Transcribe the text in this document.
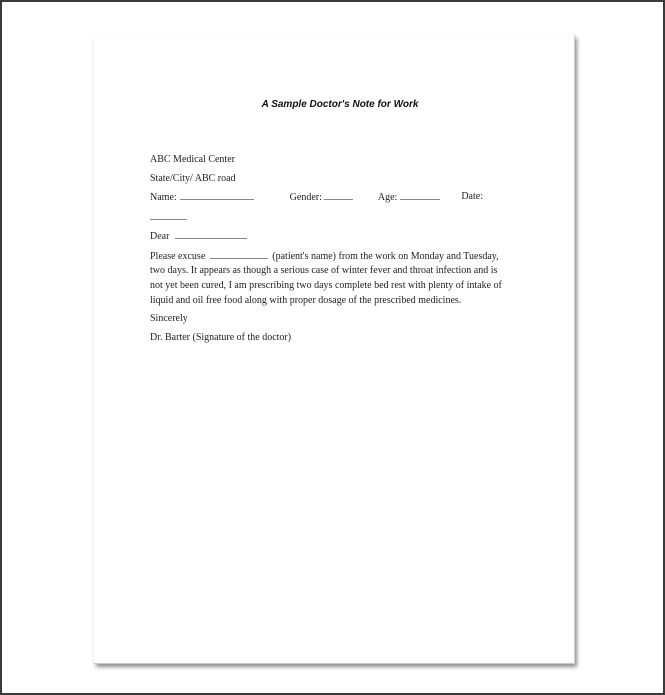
A Sample Doctor's Note for Work
ABC Medical Center
State/City/ ABC road
Name:	Gender:	Age:	Date:
Dear
Please excuse	(patient's name) from the work on Monday and Tuesday,
two days. It appears as though a serious case of winter fever and throat infection and is
not yet been cured, I am prescribing two days complete bed rest with plenty of intake of
liquid and oil free food along with proper dosage of the prescribed medicines.
Sincerely
Dr. Barter (Signature of the doctor)
